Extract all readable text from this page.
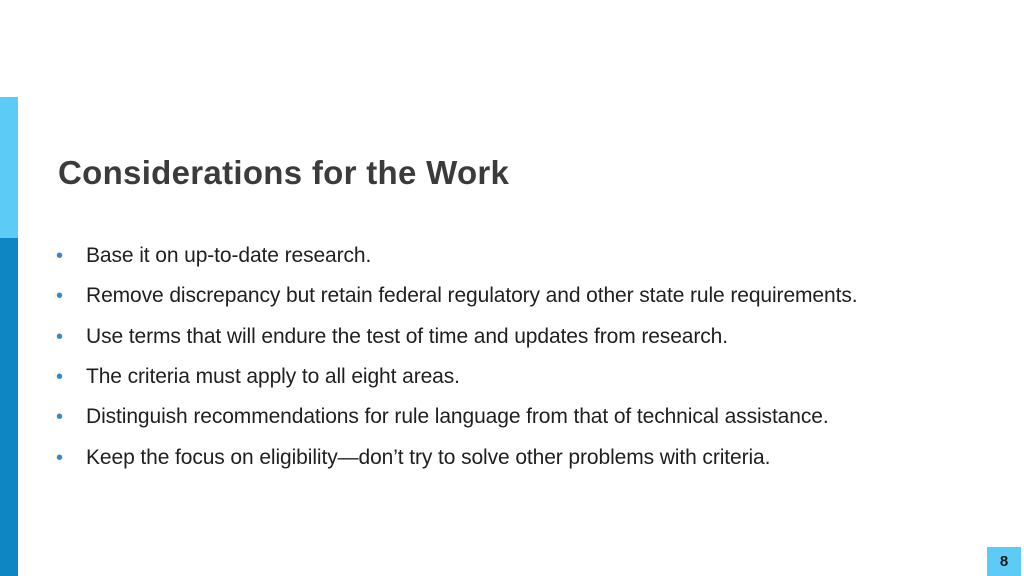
Considerations for the Work
•	Base it on up-to-date research.
•	Remove discrepancy but retain federal regulatory and other state rule requirements.
•	Use terms that will endure the test of time and updates from research.
•	The criteria must apply to all eight areas.
•	Distinguish recommendations for rule language from that of technical assistance.
•	Keep the focus on eligibility—don’t try to solve other problems with criteria.
8
